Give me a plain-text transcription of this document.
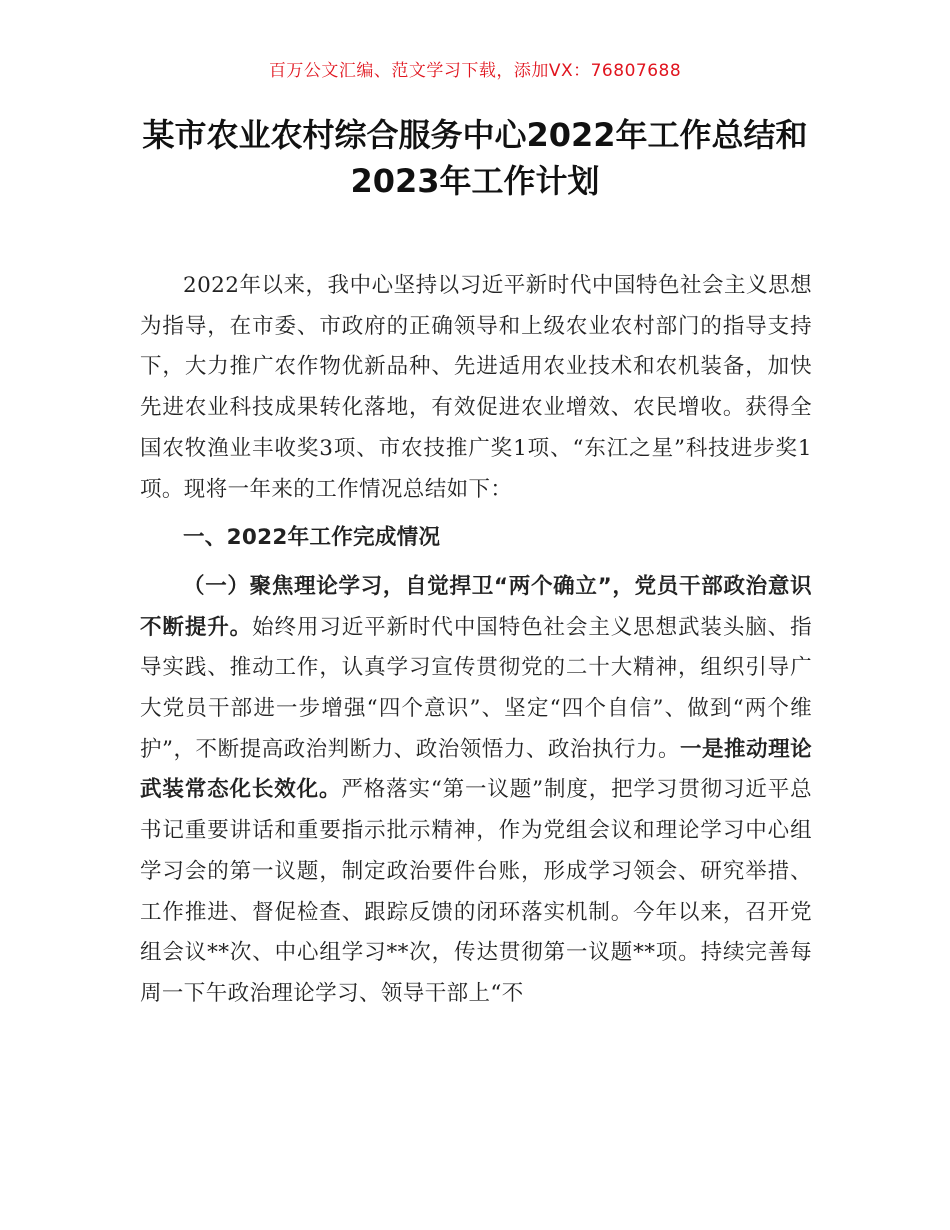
百万公文汇编、范文学习下载，添加VX：76807688
某市农业农村综合服务中心2022年工作总结和2023年工作计划

2022年以来，我中心坚持以习近平新时代中国特色社会主义思想为指导，在市委、市政府的正确领导和上级农业农村部门的指导支持下，大力推广农作物优新品种、先进适用农业技术和农机装备，加快先进农业科技成果转化落地，有效促进农业增效、农民增收。获得全国农牧渔业丰收奖3项、市农技推广奖1项、“东江之星”科技进步奖1项。现将一年来的工作情况总结如下：

一、2022年工作完成情况

（一）聚焦理论学习，自觉捍卫“两个确立”，党员干部政治意识不断提升。始终用习近平新时代中国特色社会主义思想武装头脑、指导实践、推动工作，认真学习宣传贯彻党的二十大精神，组织引导广大党员干部进一步增强“四个意识”、坚定“四个自信”、做到“两个维护”，不断提高政治判断力、政治领悟力、政治执行力。一是推动理论武装常态化长效化。严格落实“第一议题”制度，把学习贯彻习近平总书记重要讲话和重要指示批示精神，作为党组会议和理论学习中心组学习会的第一议题，制定政治要件台账，形成学习领会、研究举措、工作推进、督促检查、跟踪反馈的闭环落实机制。今年以来，召开党组会议**次、中心组学习**次，传达贯彻第一议题**项。持续完善每周一下午政治理论学习、领导干部上“不
